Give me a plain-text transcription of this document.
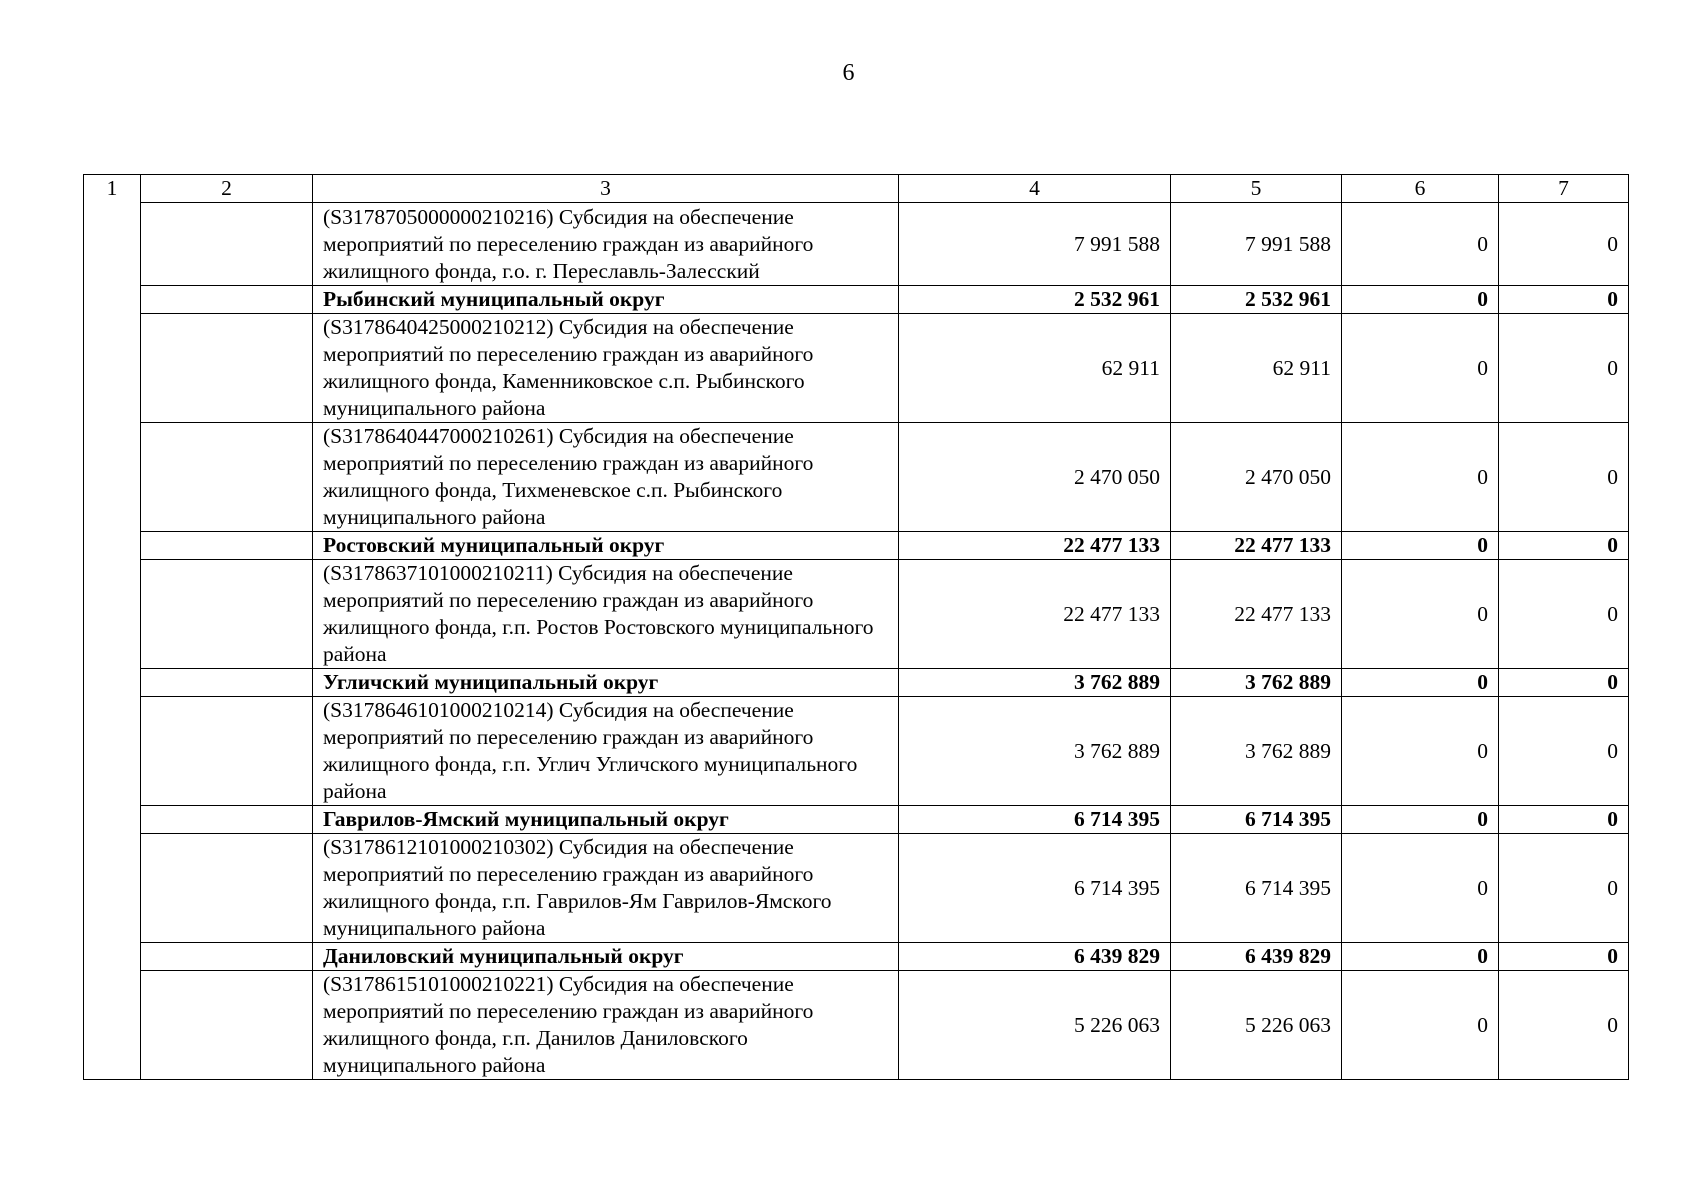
6
1	2	3	4	5	6	7
		(S3178705000000210216) Субсидия на обеспечение мероприятий по переселению граждан из аварийного жилищного фонда, г.о. г. Переславль-Залесский	7 991 588	7 991 588	0	0
		Рыбинский муниципальный округ	2 532 961	2 532 961	0	0
		(S3178640425000210212) Субсидия на обеспечение мероприятий по переселению граждан из аварийного жилищного фонда, Каменниковское с.п. Рыбинского муниципального района	62 911	62 911	0	0
		(S3178640447000210261) Субсидия на обеспечение мероприятий по переселению граждан из аварийного жилищного фонда, Тихменевское с.п. Рыбинского муниципального района	2 470 050	2 470 050	0	0
		Ростовский муниципальный округ	22 477 133	22 477 133	0	0
		(S3178637101000210211) Субсидия на обеспечение мероприятий по переселению граждан из аварийного жилищного фонда, г.п. Ростов Ростовского муниципального района	22 477 133	22 477 133	0	0
		Угличский муниципальный округ	3 762 889	3 762 889	0	0
		(S3178646101000210214) Субсидия на обеспечение мероприятий по переселению граждан из аварийного жилищного фонда, г.п. Углич Угличского муниципального района	3 762 889	3 762 889	0	0
		Гаврилов-Ямский муниципальный округ	6 714 395	6 714 395	0	0
		(S3178612101000210302) Субсидия на обеспечение мероприятий по переселению граждан из аварийного жилищного фонда, г.п. Гаврилов-Ям Гаврилов-Ямского муниципального района	6 714 395	6 714 395	0	0
		Даниловский муниципальный округ	6 439 829	6 439 829	0	0
		(S3178615101000210221) Субсидия на обеспечение мероприятий по переселению граждан из аварийного жилищного фонда, г.п. Данилов Даниловского муниципального района	5 226 063	5 226 063	0	0
